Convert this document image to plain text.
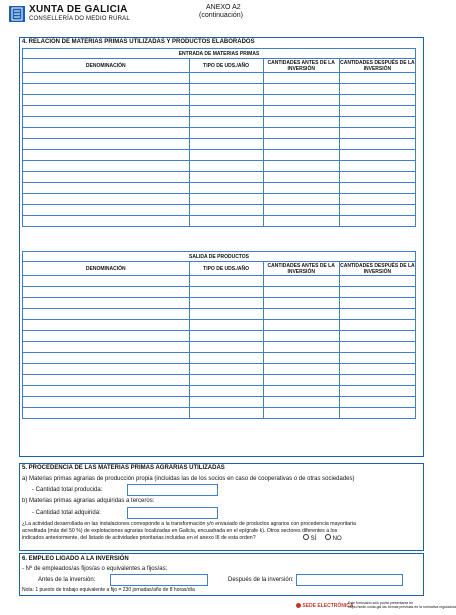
XUNTA DE GALICIA
CONSELLERÍA DO MEDIO RURAL
ANEXO A2
(continuación)
4. RELACIÓN DE MATERIAS PRIMAS UTILIZADAS Y PRODUCTOS ELABORADOS
ENTRADA DE MATERIAS PRIMAS			
DENOMINACIÓN	TIPO DE UDS./AÑO	CANTIDADES ANTES DE LA INVERSIÓN	CANTIDADES DESPUÉS DE LA INVERSIÓN

SALIDA DE PRODUCTOS			
DENOMINACIÓN	TIPO DE UDS./AÑO	CANTIDADES ANTES DE LA INVERSIÓN	CANTIDADES DESPUÉS DE LA INVERSIÓN

5. PROCEDENCIA DE LAS MATERIAS PRIMAS AGRARIAS UTILIZADAS
a) Materias primas agrarias de producción propia (incluidas las de los socios en caso de cooperativas o de otras sociedades)
- Cantidad total producida:
b) Materias primas agrarias adquiridas a terceros:
- Cantidad total adquirida:
¿La actividad desarrollada en las instalaciones corresponde a la transformación y/o envasado de productos agrarios con procedencia mayoritaria
acreditada (más del 50 %) de explotaciones agrarias localizadas en Galicia, encuadrada en el epígrafe k). Otros sectores diferentes a los
indicados anteriormente, del listado de actividades prioritarias incluidas en el anexo III de esta orden?	SÍ	NO
6. EMPLEO LIGADO A LA INVERSIÓN
- Nº de empleados/as fijos/as o equivalentes a fijos/as:
Antes de la inversión:	Después de la inversión:
Nota: 1 puesto de trabajo equivalente a fijo = 230 jornadas/año de 8 horas/día
SEDE ELECTRÓNICA
Este formulario sólo podrá presentarse en
https://sede.xunta.gal las formas previstas en la normativa reguladora
